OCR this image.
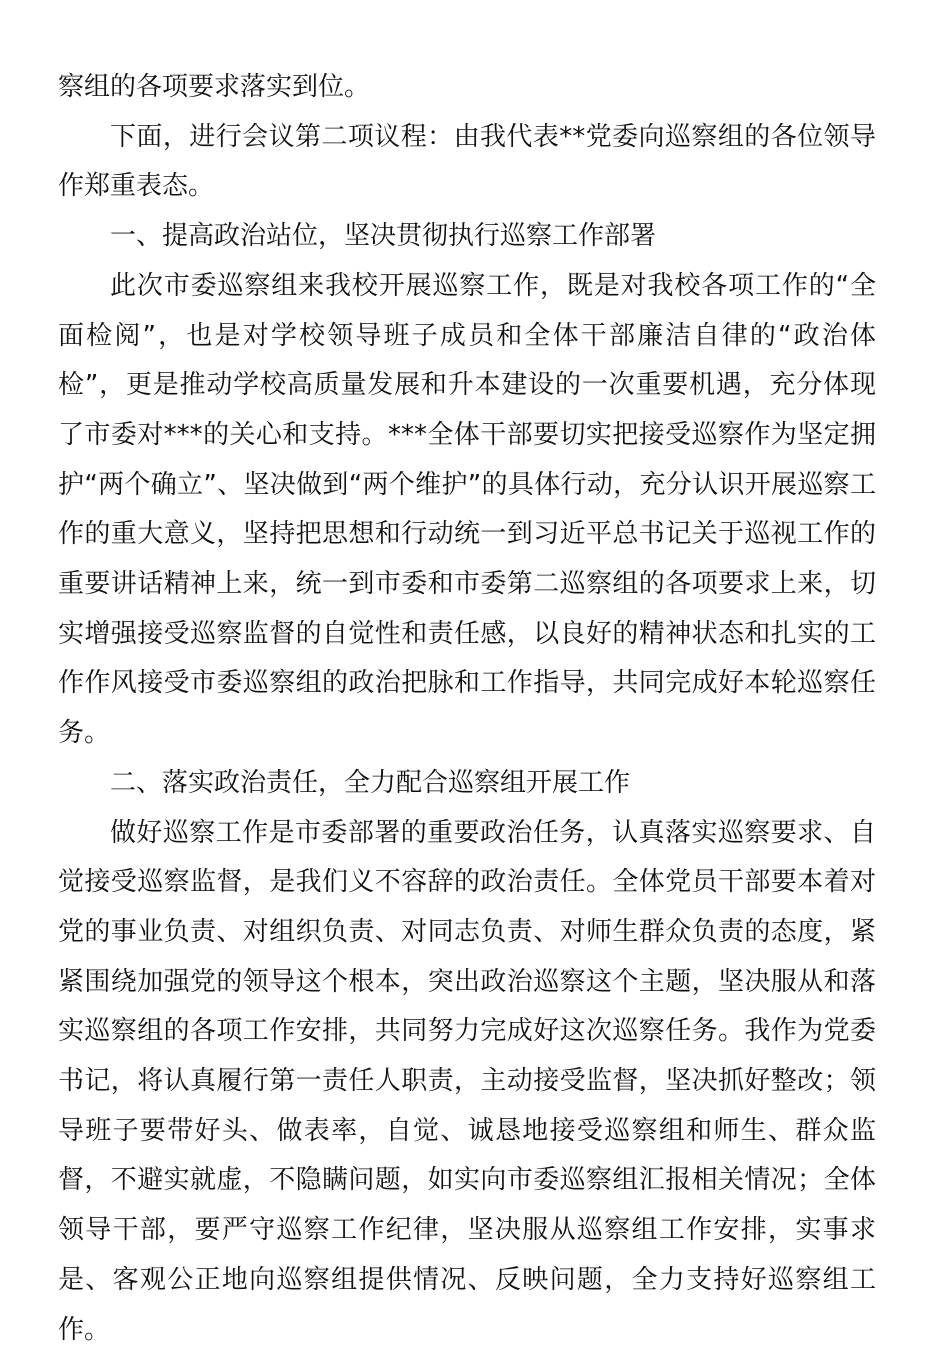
察组的各项要求落实到位。

下面，进行会议第二项议程：由我代表**党委向巡察组的各位领导作郑重表态。

一、提高政治站位，坚决贯彻执行巡察工作部署

此次市委巡察组来我校开展巡察工作，既是对我校各项工作的“全面检阅”，也是对学校领导班子成员和全体干部廉洁自律的“政治体检”，更是推动学校高质量发展和升本建设的一次重要机遇，充分体现了市委对***的关心和支持。***全体干部要切实把接受巡察作为坚定拥护“两个确立”、坚决做到“两个维护”的具体行动，充分认识开展巡察工作的重大意义，坚持把思想和行动统一到习近平总书记关于巡视工作的重要讲话精神上来，统一到市委和市委第二巡察组的各项要求上来，切实增强接受巡察监督的自觉性和责任感，以良好的精神状态和扎实的工作作风接受市委巡察组的政治把脉和工作指导，共同完成好本轮巡察任务。

二、落实政治责任，全力配合巡察组开展工作

做好巡察工作是市委部署的重要政治任务，认真落实巡察要求、自觉接受巡察监督，是我们义不容辞的政治责任。全体党员干部要本着对党的事业负责、对组织负责、对同志负责、对师生群众负责的态度，紧紧围绕加强党的领导这个根本，突出政治巡察这个主题，坚决服从和落实巡察组的各项工作安排，共同努力完成好这次巡察任务。我作为党委书记，将认真履行第一责任人职责，主动接受监督，坚决抓好整改；领导班子要带好头、做表率，自觉、诚恳地接受巡察组和师生、群众监督，不避实就虚，不隐瞒问题，如实向市委巡察组汇报相关情况；全体领导干部，要严守巡察工作纪律，坚决服从巡察组工作安排，实事求是、客观公正地向巡察组提供情况、反映问题，全力支持好巡察组工作。
